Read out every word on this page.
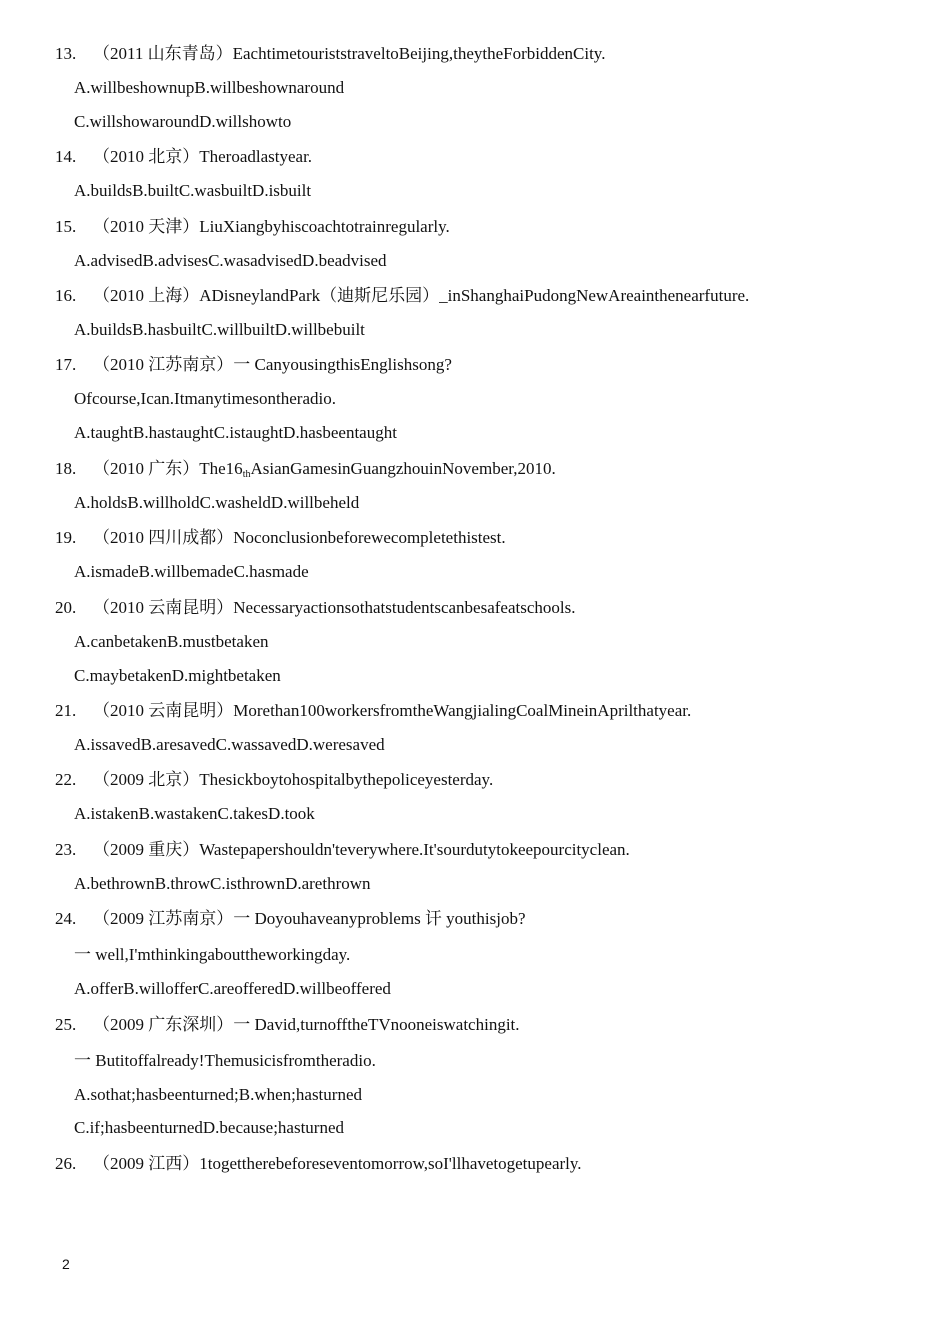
13. （2011 山东青岛）EachtimetouriststraveltoBeijing,theytheForbiddenCity.
A.willbeshownupB.willbeshownaround
C.willshowaroundD.willshowto
14. （2010 北京）Theroadlastyear.
A.buildsB.builtC.wasbuiltD.isbuilt
15. （2010 天津）LiuXiangbyhiscoachtotrainregularly.
A.advisedB.advisesC.wasadvisedD.beadvised
16. （2010 上海）ADisneylandPark（迪斯尼乐园）_inShanghaiPudongNewAreainthenearfuture.
A.buildsB.hasbuiltC.willbuiltD.willbebuilt
17. （2010 江苏南京）一 CanyousingthisEnglishsong?
Ofcourse,Ican.Itmanytimesontheradio.
A.taughtB.hastaughtC.istaughtD.hasbeentaught
18. （2010 广东）The16thAsianGamesinGuangzhouinNovember,2010.
A.holdsB.willholdC.washeldD.willbeheld
19. （2010 四川成都）Noconclusionbeforewecompletethistest.
A.ismadeB.willbemadeC.hasmade
20. （2010 云南昆明）Necessaryactionsothatstudentscanbesafeatschools.
A.canbetakenB.mustbetaken
C.maybetakenD.mightbetaken
21. （2010 云南昆明）Morethan100workersfromtheWangjialingCoalMineinAprilthatyear.
A.issavedB.aresavedC.wassavedD.weresaved
22. （2009 北京）Thesickboytohospitalbythepoliceyesterday.
A.istakenB.wastakenC.takesD.took
23. （2009 重庆）Wastepapershouldn'teverywhere.It'sourdutytokeepourcityclean.
A.bethrownB.throwC.isthrownD.arethrown
24. （2009 江苏南京）一 Doyouhaveanyproblems 讦 youthisjob?
一 well,I'mthinkingabouttheworkingday.
A.offerB.willofferC.areofferedD.willbeoffered
25. （2009 广东深圳）一 David,turnofftheTVnooneiswatchingit.
一 Butitoffalready!Themusicisfromtheradio.
A.sothat;hasbeenturned;B.when;hasturned
C.if;hasbeenturnedD.because;hasturned
26. （2009 江西）1togettherebeforeseventomorrow,soI'llhavetogetupearly.
2
